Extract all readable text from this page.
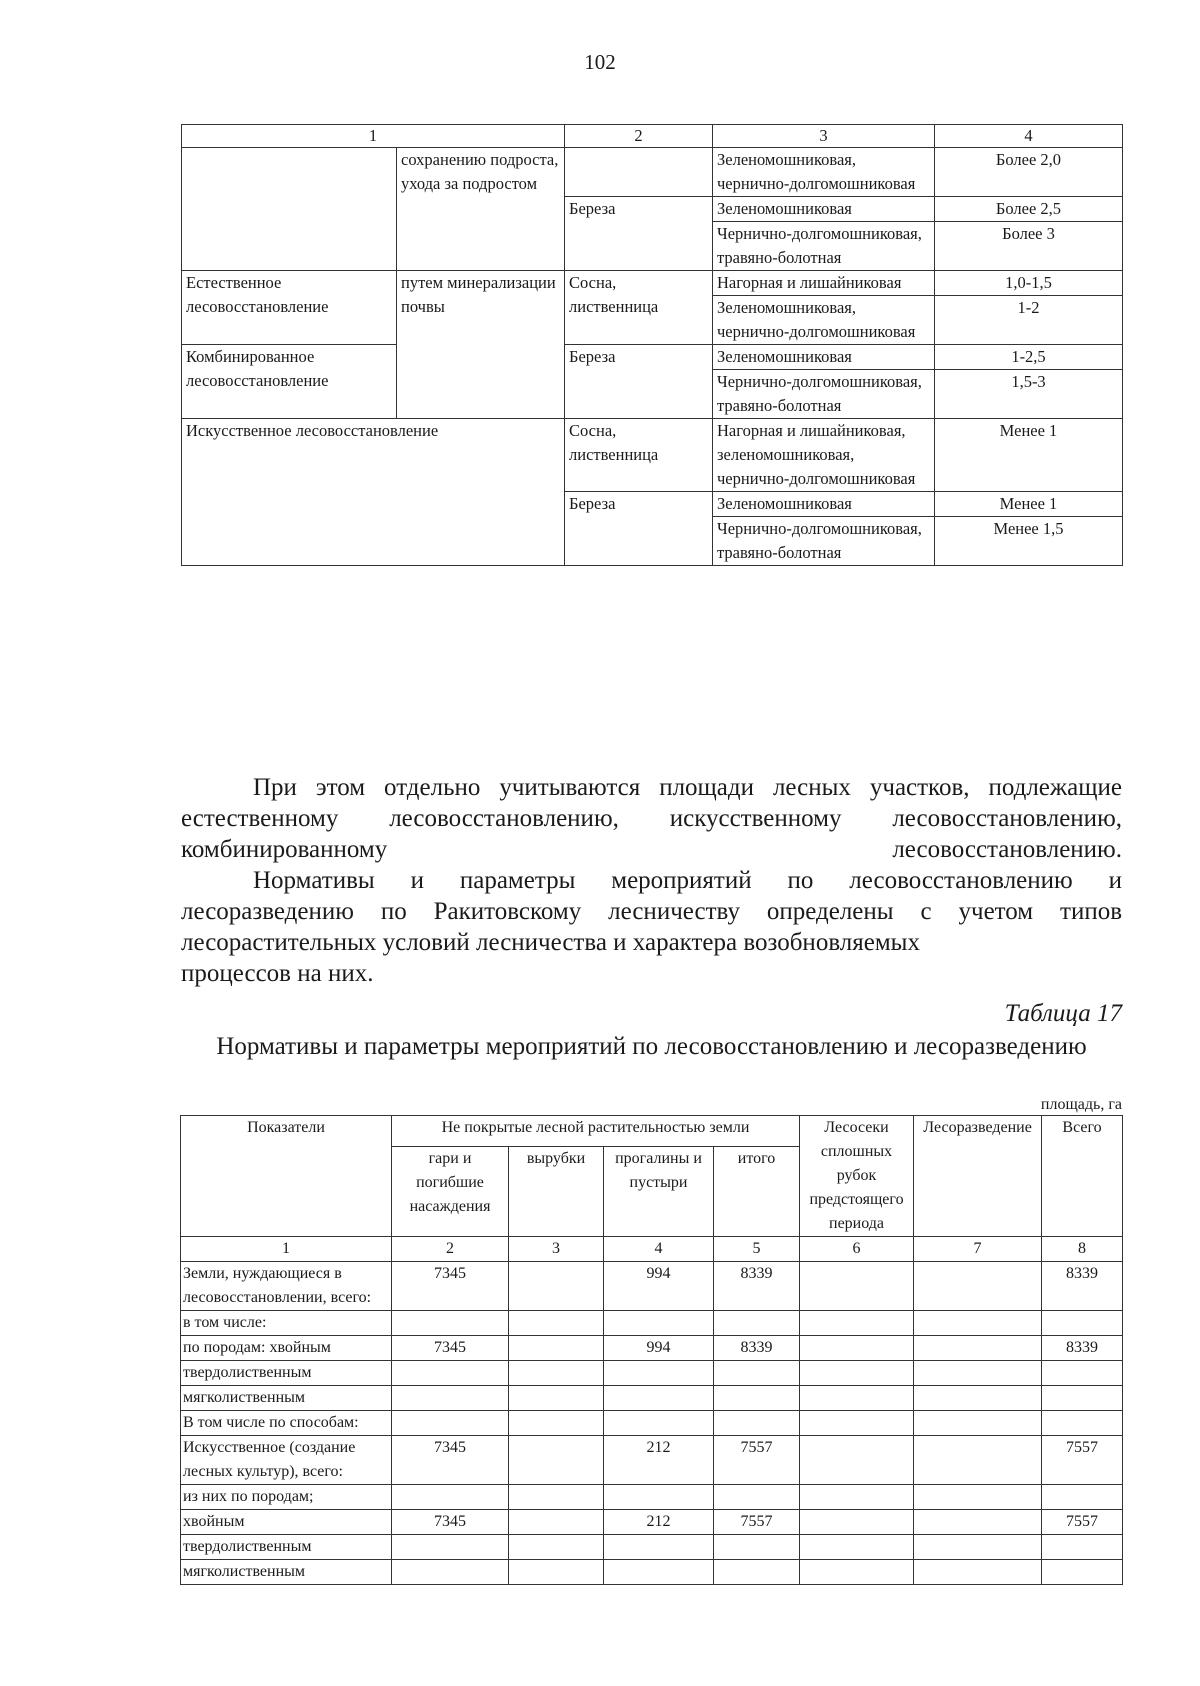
102
1		2	3	4
	сохранению подроста, ухода за подростом		Зеленомошниковая, чернично-долгомошниковая	Более 2,0
		Береза	Зеленомошниковая	Более 2,5
			Чернично-долгомошниковая, травяно-болотная	Более 3
Естественное лесовосстановление	путем минерализации почвы	Сосна, лиственница	Нагорная и лишайниковая	1,0-1,5
			Зеленомошниковая, чернично-долгомошниковая	1-2
Комбинированное лесовосстановление		Береза	Зеленомошниковая	1-2,5
			Чернично-долгомошниковая, травяно-болотная	1,5-3
Искусственное лесовосстановление		Сосна, лиственница	Нагорная и лишайниковая, зеленомошниковая, чернично-долгомошниковая	Менее 1
		Береза	Зеленомошниковая	Менее 1
			Чернично-долгомошниковая, травяно-болотная	Менее 1,5

При этом отдельно учитываются площади лесных участков, подлежащие естественному лесовосстановлению, искусственному лесовосстановлению, комбинированному лесовосстановлению.

Нормативы и параметры мероприятий по лесовосстановлению и лесоразведению по Ракитовскому лесничеству определены с учетом типов лесорастительных условий лесничества и характера возобновляемых
процессов на них.

Таблица 17
Нормативы и параметры мероприятий по лесовосстановлению и лесоразведению
площадь, га
Показатели	Не покрытые лесной растительностью земли				Лесосеки сплошных рубок предстоящего периода	Лесоразведение	Всего
	гари и погибшие насаждения	вырубки	прогалины и пустыри	итого			
1	2	3	4	5	6	7	8
Земли, нуждающиеся в лесовосстановлении, всего:	7345		994	8339			8339
в том числе:							
по породам: хвойным	7345		994	8339			8339
твердолиственным							
мягколиственным							
В том числе по способам:							
Искусственное (создание лесных культур), всего:	7345		212	7557			7557
из них по породам;							
хвойным	7345		212	7557			7557
твердолиственным							
мягколиственным							
